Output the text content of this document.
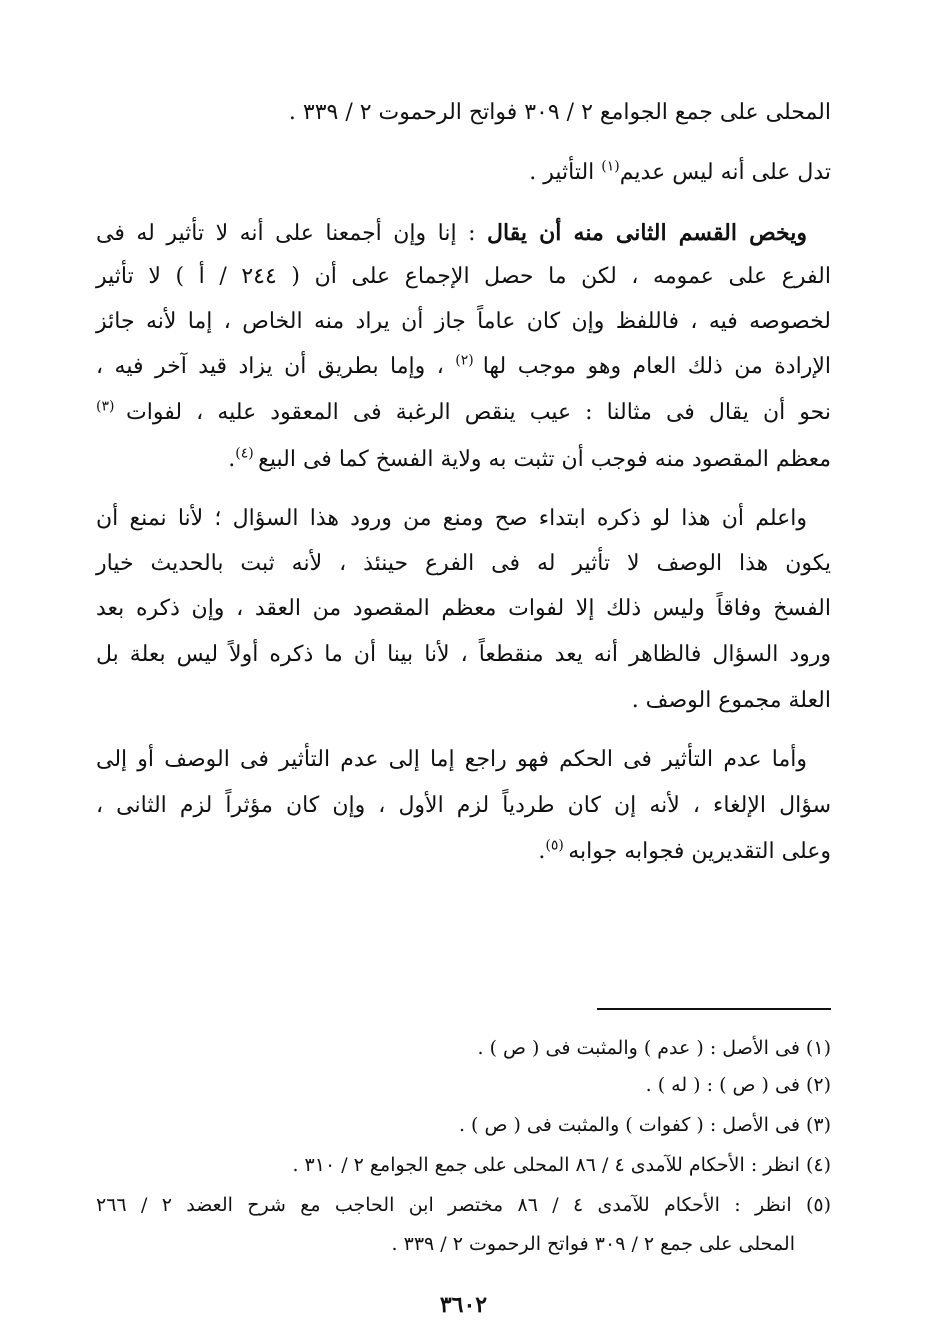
المحلى على جمع الجوامع ٢ / ٣٠٩ فواتح الرحموت ٢ / ٣٣٩ .
تدل على أنه ليس عديم$^{(١)}$ التأثير .
ويخص القسم الثانى منه أن يقال : إنا وإن أجمعنا على أنه لا تأثير له فى
الفرع على عمومه ، لكن ما حصل الإجماع على أن ( ٢٤٤ / أ ) لا تأثير
لخصوصه فيه ، فاللفظ وإن كان عاماً جاز أن يراد منه الخاص ، إما لأنه جائز
الإرادة من ذلك العام وهو موجب لها $^{(٢)}$ ، وإما بطريق أن يزاد قيد آخر فيه ،
نحو أن يقال فى مثالنا : عيب ينقص الرغبة فى المعقود عليه ، لفوات $^{(٣)}$
معظم المقصود منه فوجب أن تثبت به ولاية الفسخ كما فى البيع $^{(٤)}$.
واعلم أن هذا لو ذكره ابتداء صح ومنع من ورود هذا السؤال ؛ لأنا نمنع أن
يكون هذا الوصف لا تأثير له فى الفرع حينئذ ، لأنه ثبت بالحديث خيار
الفسخ وفاقاً وليس ذلك إلا لفوات معظم المقصود من العقد ، وإن ذكره بعد
ورود السؤال فالظاهر أنه يعد منقطعاً ، لأنا بينا أن ما ذكره أولاً ليس بعلة بل
العلة مجموع الوصف .
وأما عدم التأثير فى الحكم فهو راجع إما إلى عدم التأثير فى الوصف أو إلى
سؤال الإلغاء ، لأنه إن كان طردياً لزم الأول ، وإن كان مؤثراً لزم الثانى ،
وعلى التقديرين فجوابه جوابه $^{(٥)}$.
(١) فى الأصل : ( عدم ) والمثبت فى ( ص ) .
(٢) فى ( ص ) : ( له ) .
(٣) فى الأصل : ( كفوات ) والمثبت فى ( ص ) .
(٤) انظر : الأحكام للآمدى ٤ / ٨٦ المحلى على جمع الجوامع ٢ / ٣١٠ .
(٥) انظر : الأحكام للآمدى ٤ / ٨٦ مختصر ابن الحاجب مع شرح العضد ٢ / ٢٦٦
المحلى على جمع ٢ / ٣٠٩ فواتح الرحموت ٢ / ٣٣٩ .
٣٦٠٢
